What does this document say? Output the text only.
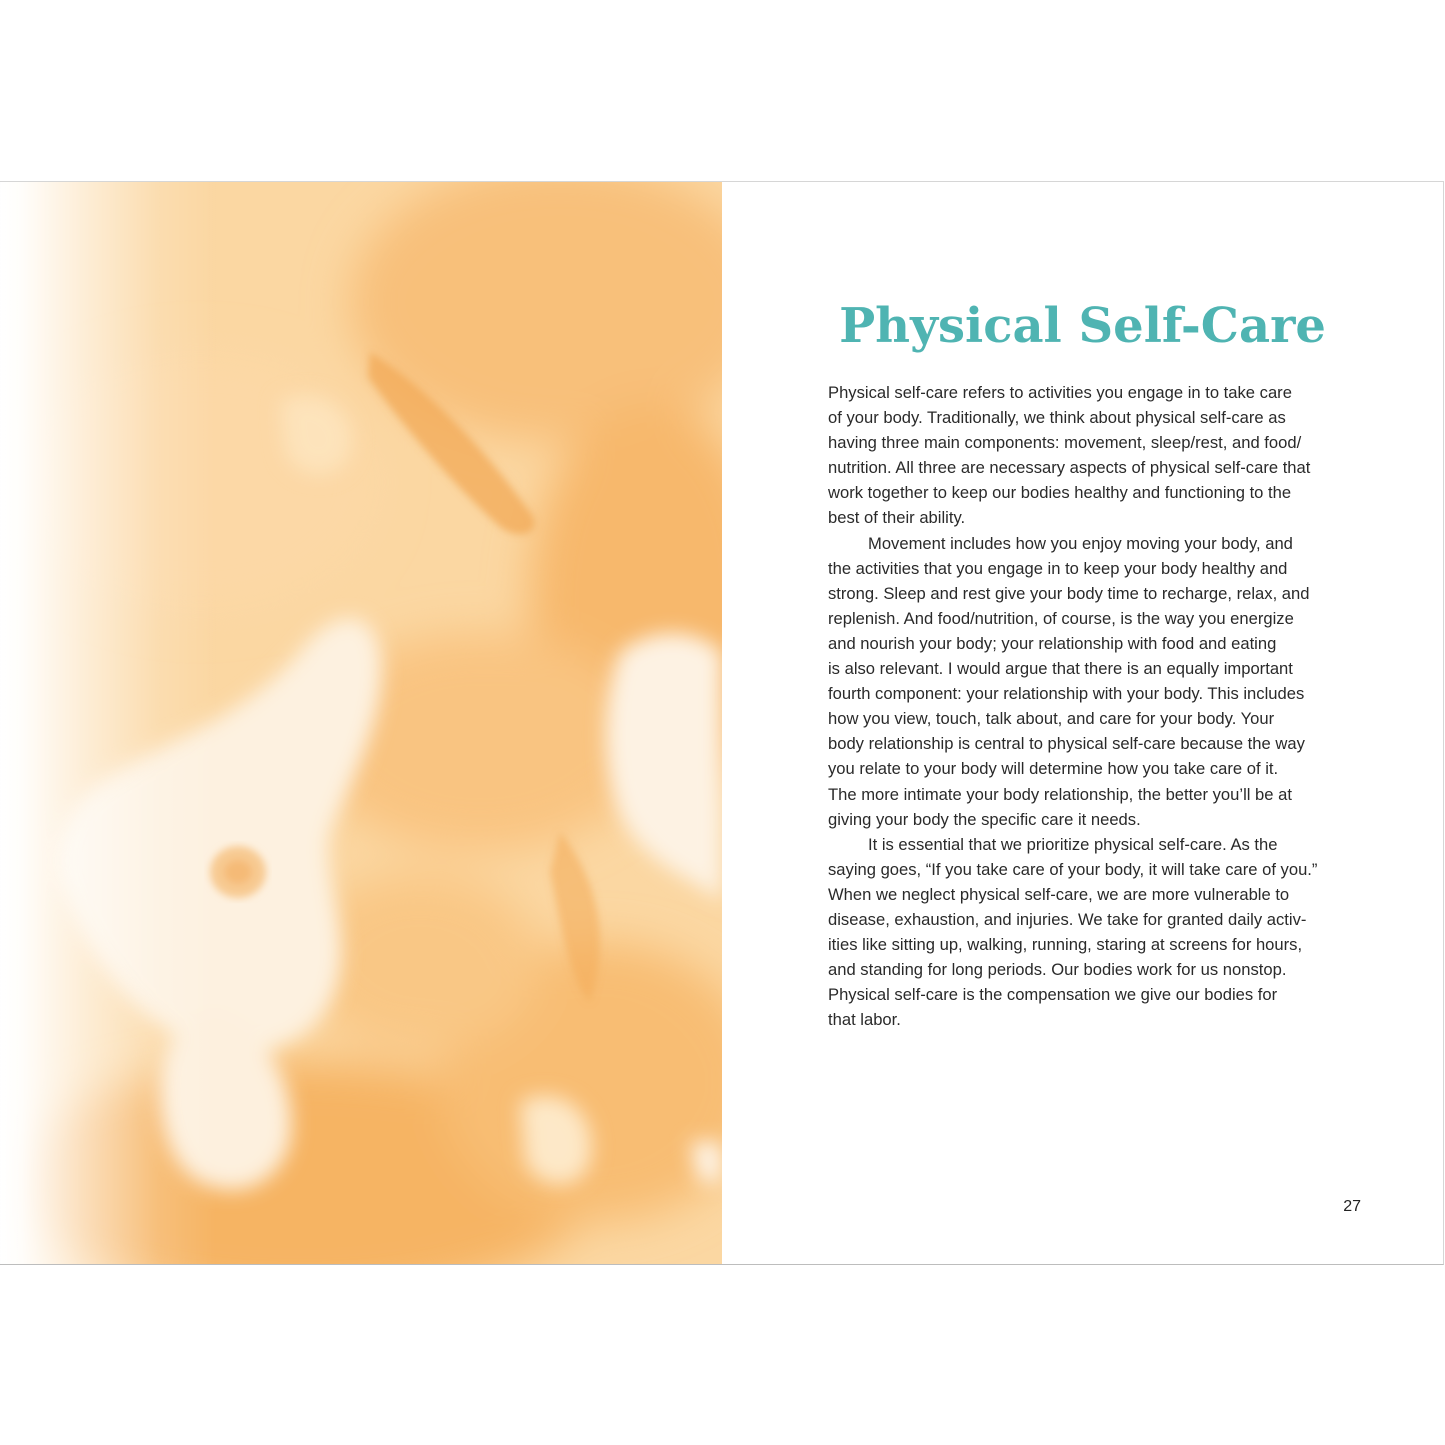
Physical Self-Care
Physical self-care refers to activities you engage in to take care
of your body. Traditionally, we think about physical self-care as
having three main components: movement, sleep/rest, and food/
nutrition. All three are necessary aspects of physical self-care that
work together to keep our bodies healthy and functioning to the
best of their ability.
Movement includes how you enjoy moving your body, and
the activities that you engage in to keep your body healthy and
strong. Sleep and rest give your body time to recharge, relax, and
replenish. And food/nutrition, of course, is the way you energize
and nourish your body; your relationship with food and eating
is also relevant. I would argue that there is an equally important
fourth component: your relationship with your body. This includes
how you view, touch, talk about, and care for your body. Your
body relationship is central to physical self-care because the way
you relate to your body will determine how you take care of it.
The more intimate your body relationship, the better you’ll be at
giving your body the specific care it needs.
It is essential that we prioritize physical self-care. As the
saying goes, “If you take care of your body, it will take care of you.”
When we neglect physical self-care, we are more vulnerable to
disease, exhaustion, and injuries. We take for granted daily activ-
ities like sitting up, walking, running, staring at screens for hours,
and standing for long periods. Our bodies work for us nonstop.
Physical self-care is the compensation we give our bodies for
that labor.
27
